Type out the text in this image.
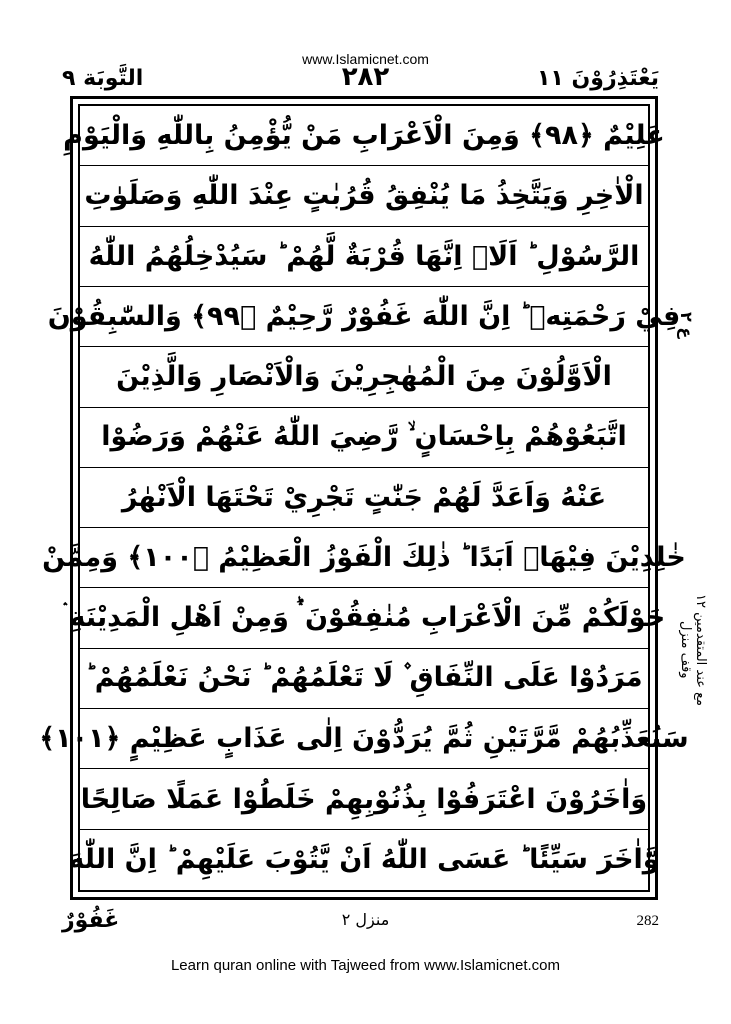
www.Islamicnet.com
يَعْتَذِرُوْنَ ١١
٢٨٢
التَّوبَة ٩
عَلِيْمٌ ﴿٩٨﴾ وَمِنَ الْاَعْرَابِ مَنْ يُّؤْمِنُ بِاللّٰهِ وَالْيَوْمِ
الْاٰخِرِ وَيَتَّخِذُ مَا يُنْفِقُ قُرُبٰتٍ عِنْدَ اللّٰهِ وَصَلَوٰتِ
الرَّسُوْلِ ؕ اَلَاۤ اِنَّهَا قُرْبَةٌ لَّهُمْ ؕ سَيُدْخِلُهُمُ اللّٰهُ
فِيْ رَحْمَتِهٖ ؕ اِنَّ اللّٰهَ غَفُوْرٌ رَّحِيْمٌ ﴿٩٩﴾ وَالسّٰبِقُوْنَ
الْاَوَّلُوْنَ مِنَ الْمُهٰجِرِيْنَ وَالْاَنْصَارِ وَالَّذِيْنَ
اتَّبَعُوْهُمْ بِاِحْسَانٍ ۙ رَّضِيَ اللّٰهُ عَنْهُمْ وَرَضُوْا
عَنْهُ وَاَعَدَّ لَهُمْ جَنّٰتٍ تَجْرِيْ تَحْتَهَا الْاَنْهٰرُ
خٰلِدِيْنَ فِيْهَاۤ اَبَدًا ؕ ذٰلِكَ الْفَوْزُ الْعَظِيْمُ ﴿١٠٠﴾ وَمِمَّنْ
حَوْلَكُمْ مِّنَ الْاَعْرَابِ مُنٰفِقُوْنَ ۛؕ وَمِنْ اَهْلِ الْمَدِيْنَةِ ۛ
مَرَدُوْا عَلَى النِّفَاقِ ۫ لَا تَعْلَمُهُمْ ؕ نَحْنُ نَعْلَمُهُمْ ؕ
سَنُعَذِّبُهُمْ مَّرَّتَيْنِ ثُمَّ يُرَدُّوْنَ اِلٰى عَذَابٍ عَظِيْمٍ ﴿١٠١﴾
وَاٰخَرُوْنَ اعْتَرَفُوْا بِذُنُوْبِهِمْ خَلَطُوْا عَمَلًا صَالِحًا
وَّاٰخَرَ سَيِّئًا ؕ عَسَى اللّٰهُ اَنْ يَّتُوْبَ عَلَيْهِمْ ؕ اِنَّ اللّٰهَ
ع ٢
مع عند المتقدمين ١٢ وقف منزل
غَفُوْرٌ	منزل ٢	282
Learn quran online with Tajweed from www.Islamicnet.com
